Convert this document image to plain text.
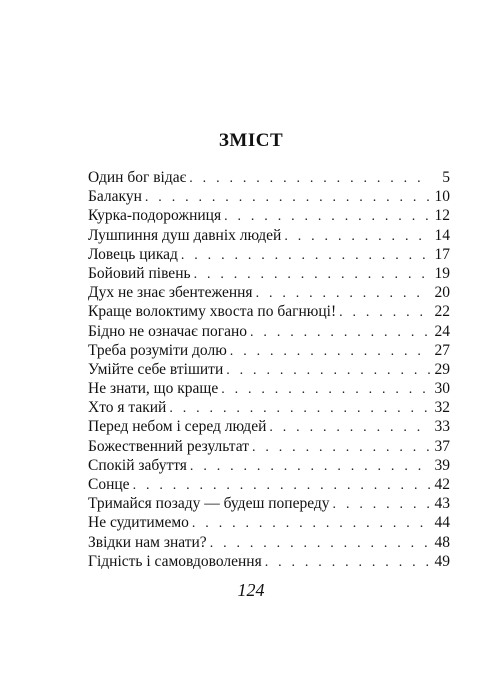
ЗМІСТ
Один бог відає . . .	5
Балакун . . .	10
Курка-подорожниця . . .	12
Лушпиння душ давніх людей . . .	14
Ловець цикад . . .	17
Бойовий півень . . .	19
Дух не знає збентеження . . .	20
Краще волоктиму хвоста по багнюці! . . .	22
Бідно не означає погано . . .	24
Треба розуміти долю . . .	27
Умійте себе втішити . . .	29
Не знати, що краще . . .	30
Хто я такий . . .	32
Перед небом і серед людей . . .	33
Божественний результат . . .	37
Спокій забуття . . .	39
Сонце . . .	42
Тримайся позаду — будеш попереду . . .	43
Не судитимемо . . .	44
Звідки нам знати? . . .	48
Гідність і самовдоволення . . .	49
124
